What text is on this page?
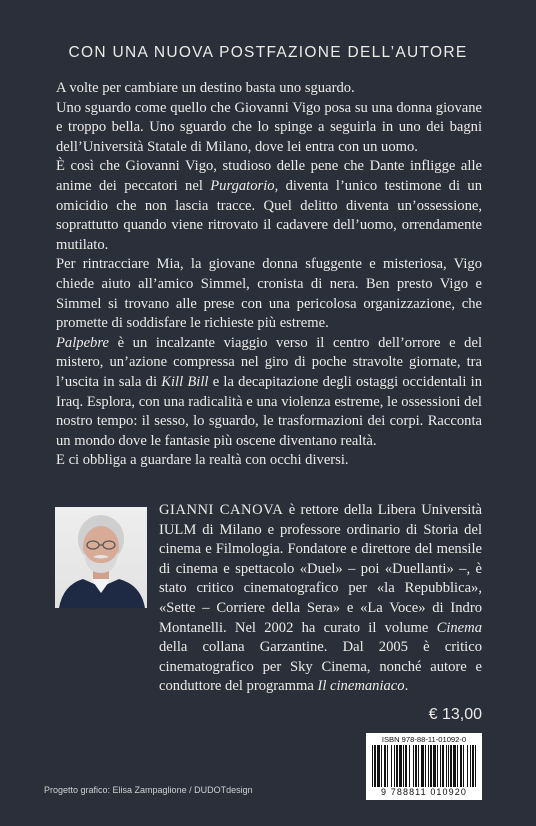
CON UNA NUOVA POSTFAZIONE DELL’AUTORE

A volte per cambiare un destino basta uno sguardo.

Uno sguardo come quello che Giovanni Vigo posa su una donna giovane e troppo bella. Uno sguardo che lo spinge a seguirla in uno dei bagni dell’Università Statale di Milano, dove lei entra con un uomo.

È così che Giovanni Vigo, studioso delle pene che Dante infligge alle anime dei peccatori nel Purgatorio, diventa l’unico testimone di un omicidio che non lascia tracce. Quel delitto diventa un’ossessione, soprattutto quando viene ritrovato il cadavere dell’uomo, orrendamente mutilato.

Per rintracciare Mia, la giovane donna sfuggente e misteriosa, Vigo chiede aiuto all’amico Simmel, cronista di nera. Ben presto Vigo e Simmel si trovano alle prese con una pericolosa organizzazione, che promette di soddisfare le richieste più estreme.

Palpebre è un incalzante viaggio verso il centro dell’orrore e del mistero, un’azione compressa nel giro di poche stravolte giornate, tra l’uscita in sala di Kill Bill e la decapitazione degli ostaggi occidentali in Iraq. Esplora, con una radicalità e una violenza estreme, le ossessioni del nostro tempo: il sesso, lo sguardo, le trasformazioni dei corpi. Racconta un mondo dove le fantasie più oscene diventano realtà.

E ci obbliga a guardare la realtà con occhi diversi.

GIANNI CANOVA è rettore della Libera Università IULM di Milano e professore ordinario di Storia del cinema e Filmologia. Fondatore e direttore del mensile di cinema e spettacolo «Duel» – poi «Duellanti» –, è stato critico cinematografico per «la Repubblica», «Sette – Corriere della Sera» e «La Voce» di Indro Montanelli. Nel 2002 ha curato il volume Cinema della collana Garzantine. Dal 2005 è critico cinematografico per Sky Cinema, nonché autore e conduttore del programma Il cinemaniaco.

€ 13,00
ISBN 978-88-11-01092-0
9 788811 010920
Progetto grafico: Elisa Zampaglione / DUDOTdesign
